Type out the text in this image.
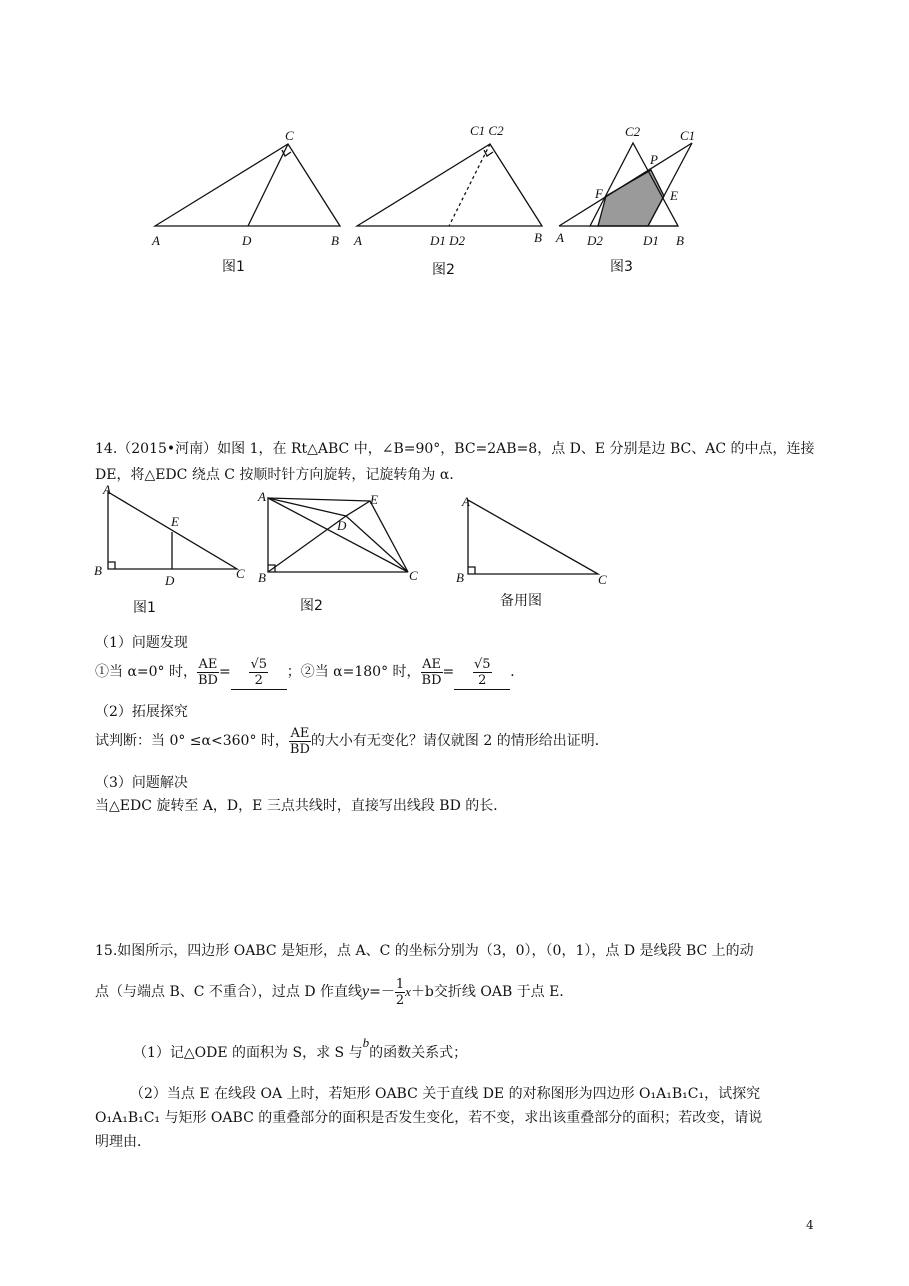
C
A	D	B
图1
C1 C2
A	D1 D2	B
图2
C2	C1
P
F	E
A D2	D1 B
图3
14.（2015•河南）如图 1，在 Rt△ABC 中，∠B=90°，BC=2AB=8，点 D、E 分别是边 BC、AC 的中点，连接
DE，将△EDC 绕点 C 按顺时针方向旋转，记旋转角为 α．
A
E
B
D	C
图1
A	E
D
B	C
图2
A
B	C
备用图
（1）问题发现
①当 α=0° 时， $\frac{AE}{BD} = \frac{√5}{2}$ ；②当 α=180° 时， $\frac{AE}{BD} = \frac{√5}{2}$ ．
（2）拓展探究
试判断：当 0° ≤α<360° 时， $\frac{AE}{BD}$ 的大小有无变化？请仅就图 2 的情形给出证明．
（3）问题解决
当△EDC 旋转至 A，D，E 三点共线时，直接写出线段 BD 的长．
15.如图所示，四边形 OABC 是矩形，点 A、C 的坐标分别为（3，0），（0，1），点 D 是线段 BC 上的动
点（与端点 B、C 不重合），过点 D 作直线$y=- \frac{1}{2} x+b$交折线 OAB 于点 E．
（1）记△ODE 的面积为 S，求 S 与b的函数关系式；
（2）当点 E 在线段 OA 上时，若矩形 OABC 关于直线 DE 的对称图形为四边形 O₁A₁B₁C₁，试探究
O₁A₁B₁C₁ 与矩形 OABC 的重叠部分的面积是否发生变化，若不变，求出该重叠部分的面积；若改变，请说
明理由．
4
